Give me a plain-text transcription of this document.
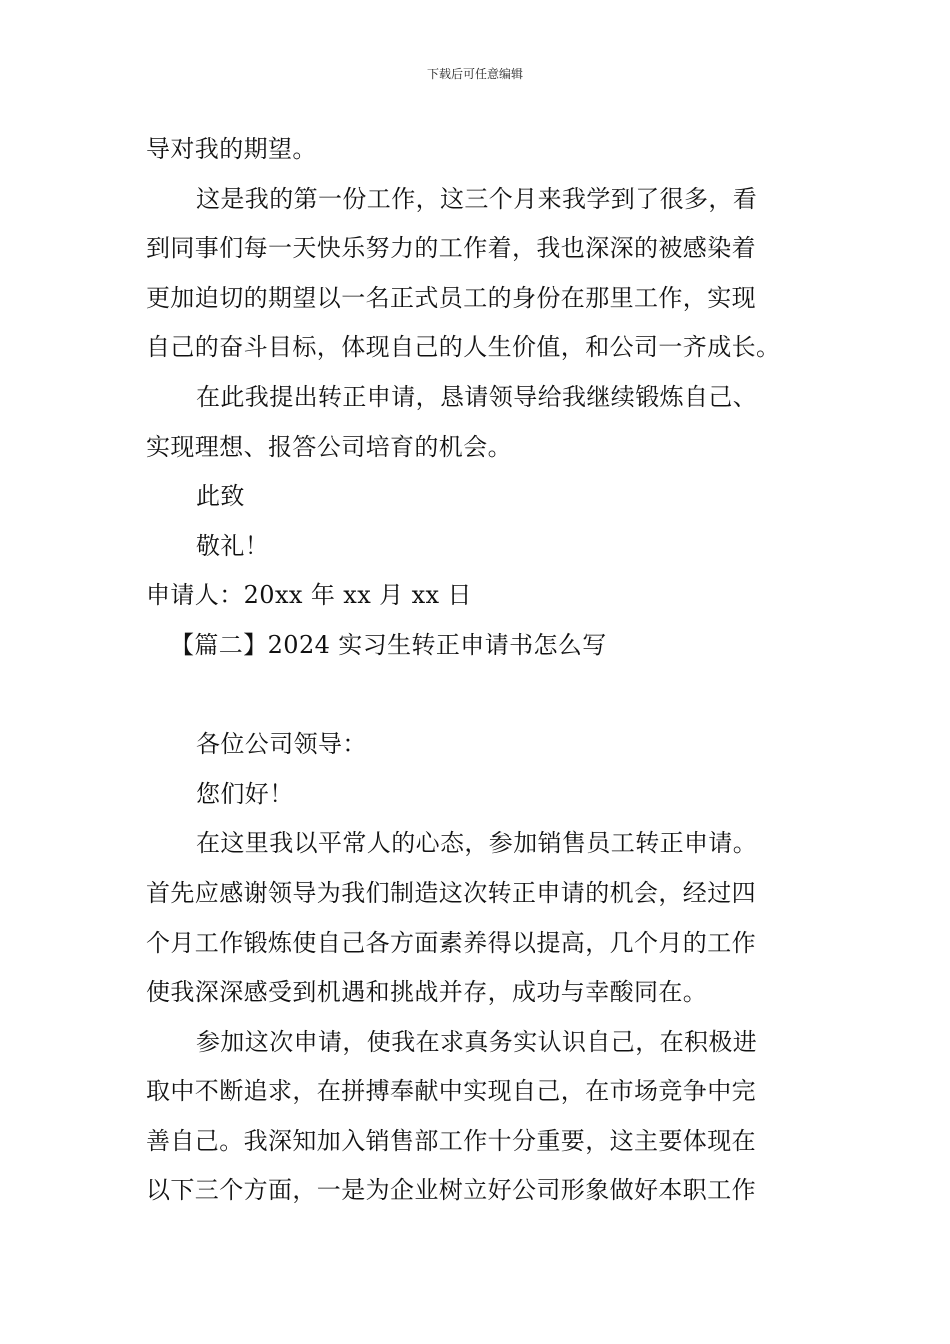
下载后可任意编辑
导对我的期望。
这是我的第一份工作，这三个月来我学到了很多，看
到同事们每一天快乐努力的工作着，我也深深的被感染着
更加迫切的期望以一名正式员工的身份在那里工作，实现
自己的奋斗目标，体现自己的人生价值，和公司一齐成长。
在此我提出转正申请，恳请领导给我继续锻炼自己、
实现理想、报答公司培育的机会。
此致
敬礼！
申请人：20xx 年 xx 月 xx 日
【篇二】2024 实习生转正申请书怎么写
各位公司领导：
您们好！
在这里我以平常人的心态，参加销售员工转正申请。
首先应感谢领导为我们制造这次转正申请的机会，经过四
个月工作锻炼使自己各方面素养得以提高，几个月的工作
使我深深感受到机遇和挑战并存，成功与幸酸同在。
参加这次申请，使我在求真务实认识自己，在积极进
取中不断追求，在拼搏奉献中实现自己，在市场竞争中完
善自己。我深知加入销售部工作十分重要，这主要体现在
以下三个方面，一是为企业树立好公司形象做好本职工作
